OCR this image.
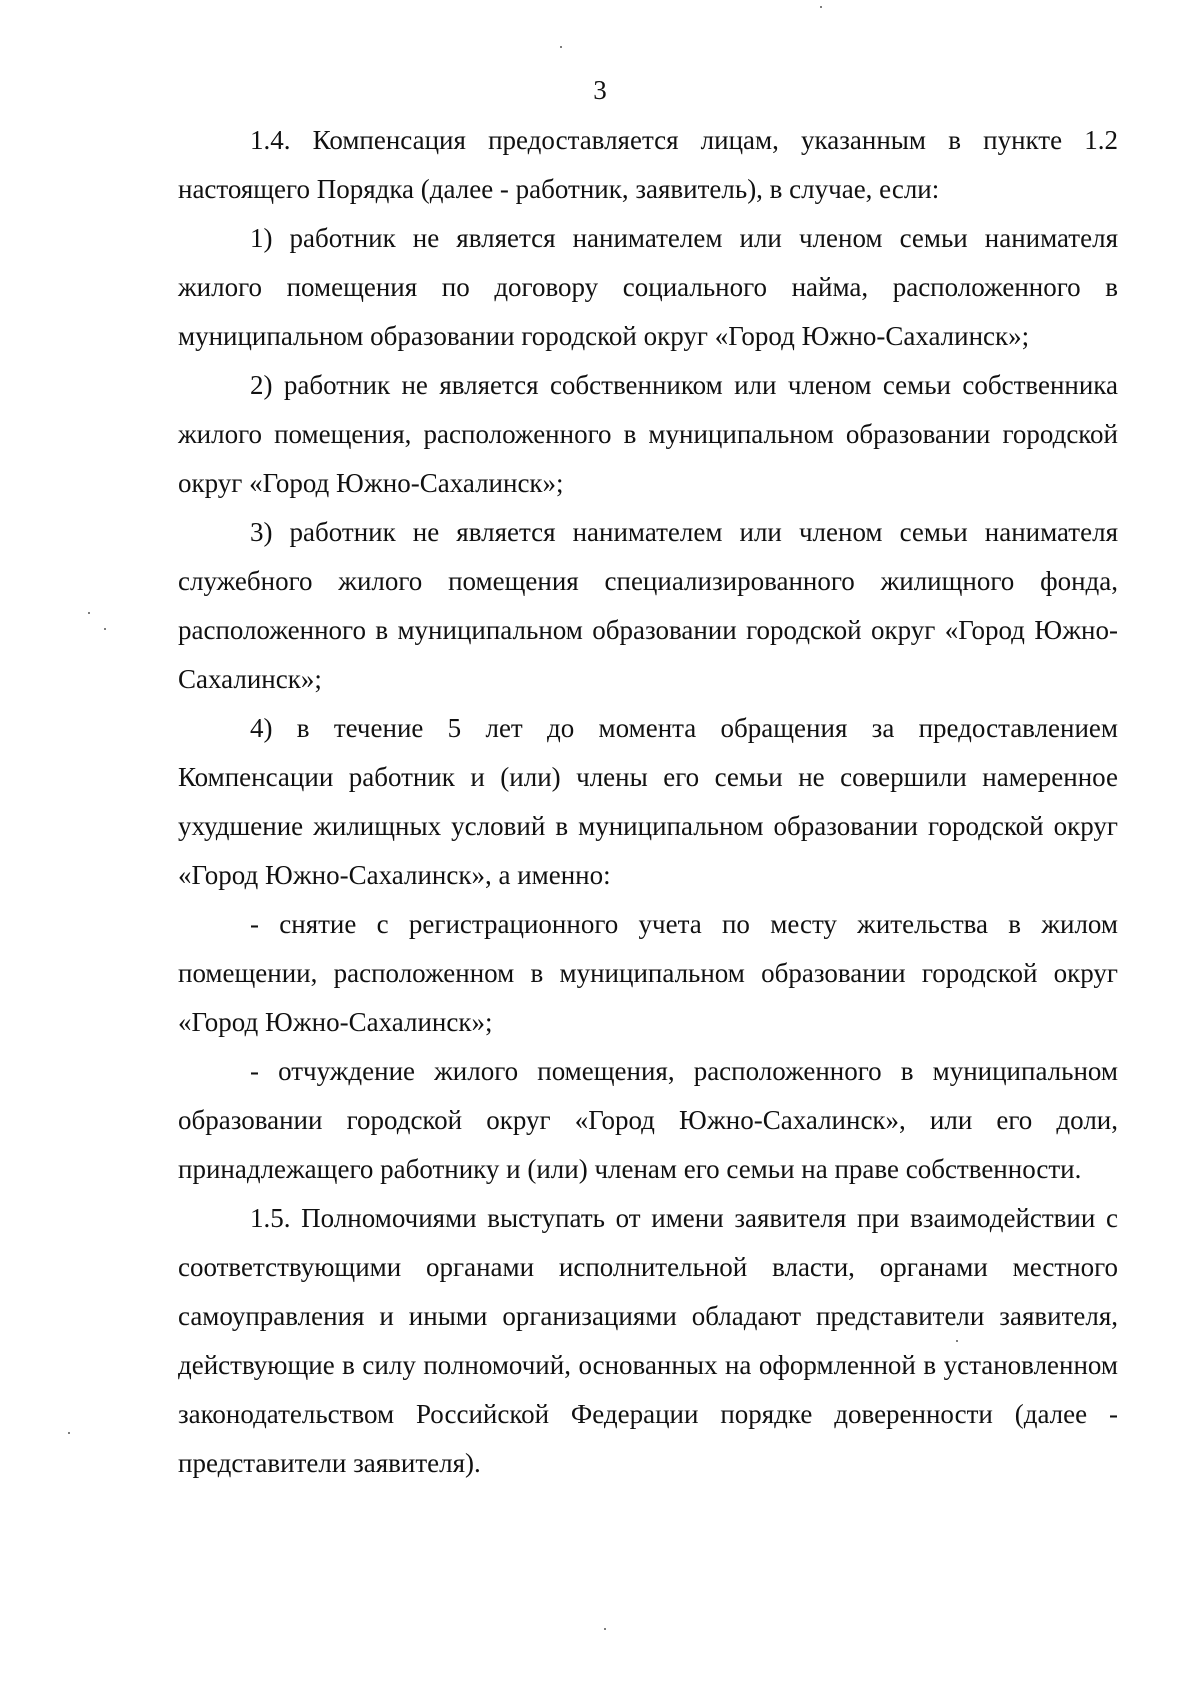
3

1.4. Компенсация предоставляется лицам, указанным в пункте 1.2 настоящего Порядка (далее - работник, заявитель), в случае, если:

1) работник не является нанимателем или членом семьи нанимателя жилого помещения по договору социального найма, расположенного в муниципальном образовании городской округ «Город Южно-Сахалинск»;

2) работник не является собственником или членом семьи собственника жилого помещения, расположенного в муниципальном образовании городской округ «Город Южно-Сахалинск»;

3) работник не является нанимателем или членом семьи нанимателя служебного жилого помещения специализированного жилищного фонда, расположенного в муниципальном образовании городской округ «Город Южно-Сахалинск»;

4) в течение 5 лет до момента обращения за предоставлением Компенсации работник и (или) члены его семьи не совершили намеренное ухудшение жилищных условий в муниципальном образовании городской округ «Город Южно-Сахалинск», а именно:

- снятие с регистрационного учета по месту жительства в жилом помещении, расположенном в муниципальном образовании городской округ «Город Южно-Сахалинск»;

- отчуждение жилого помещения, расположенного в муниципальном образовании городской округ «Город Южно-Сахалинск», или его доли, принадлежащего работнику и (или) членам его семьи на праве собственности.

1.5. Полномочиями выступать от имени заявителя при взаимодействии с соответствующими органами исполнительной власти, органами местного самоуправления и иными организациями обладают представители заявителя, действующие в силу полномочий, основанных на оформленной в установленном законодательством Российской Федерации порядке доверенности (далее - представители заявителя).
